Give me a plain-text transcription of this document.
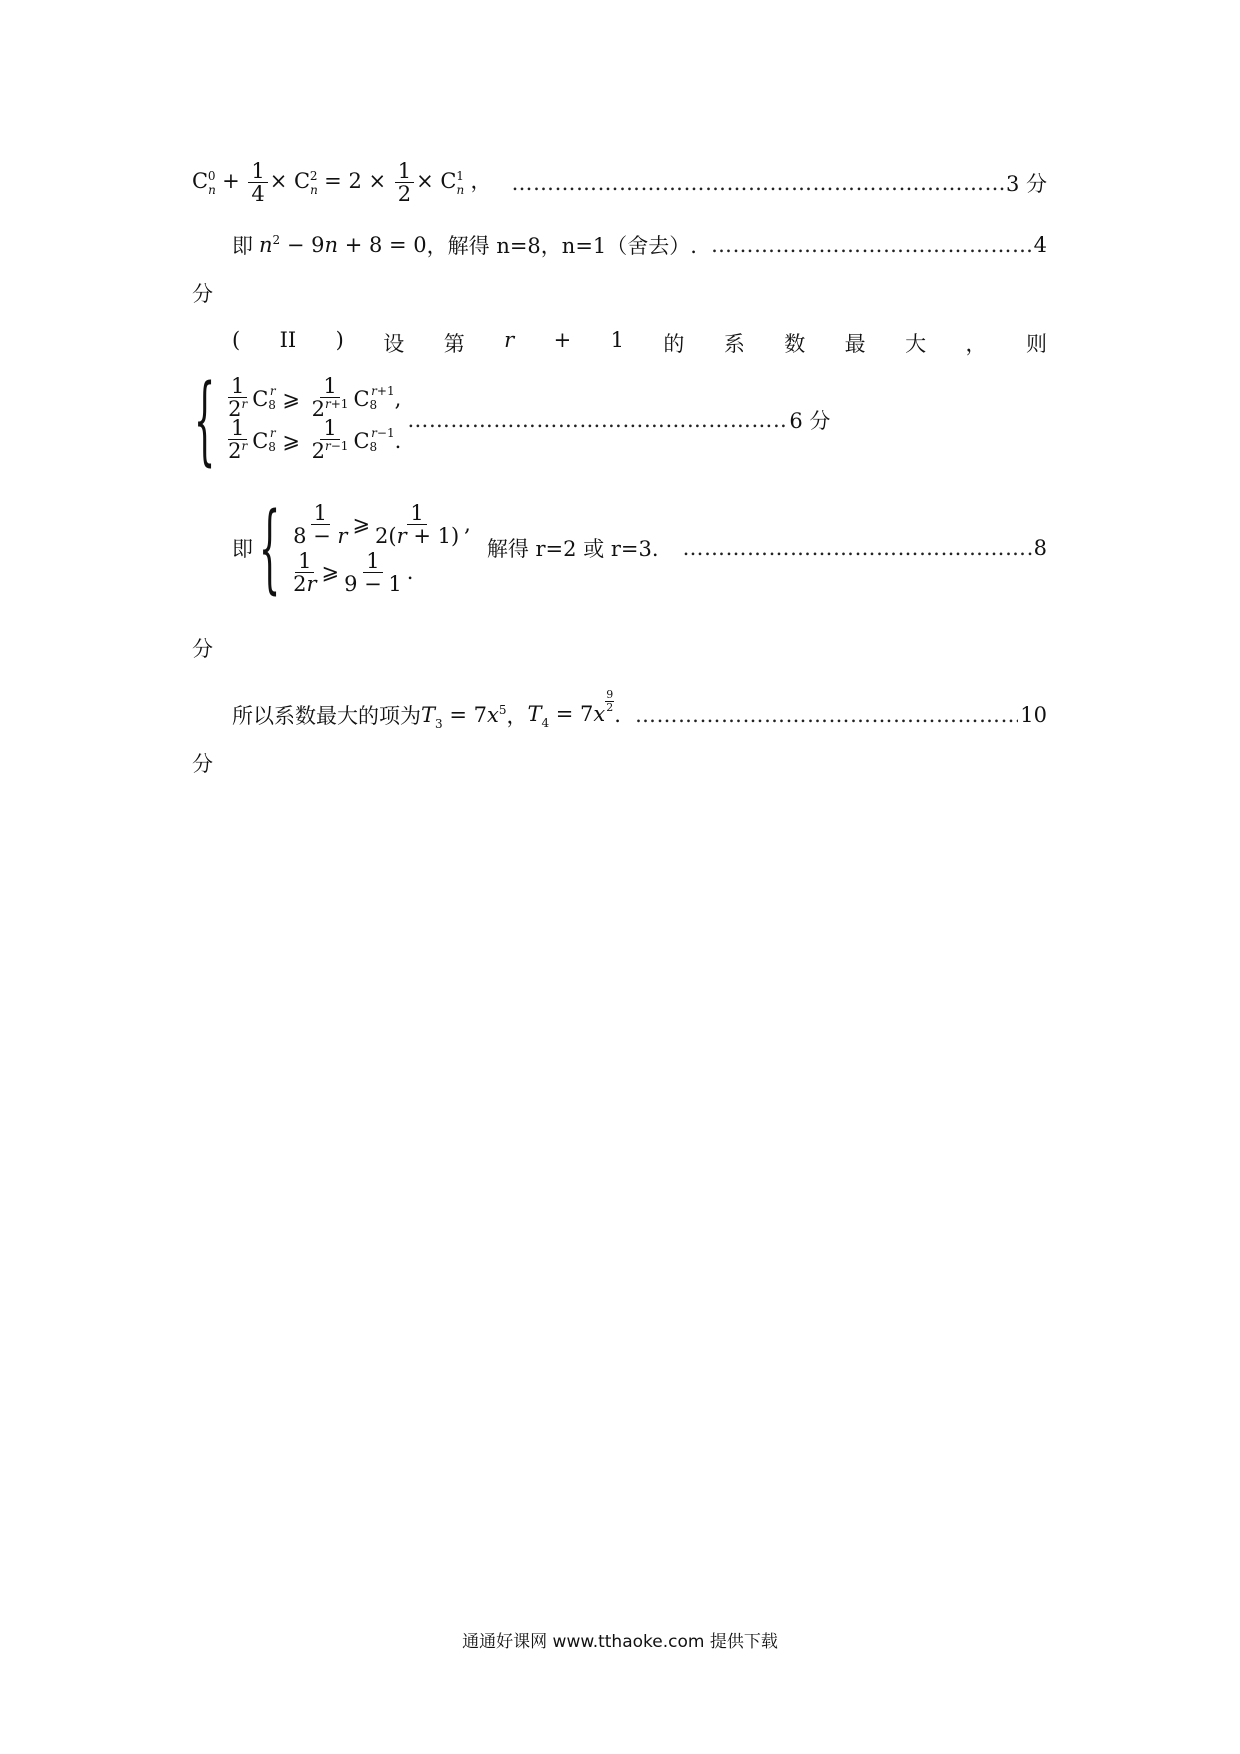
$C_n^0 + \frac{1}{4} \times C_n^2 = 2 \times \frac{1}{2} \times C_n^1$ ， ……………………………………………………………………………………………………………………	3 分
即 $n^2 - 9n + 8 = 0$ ，解得 n=8，n=1（舍去）. ……………………………………………………………………………………………………………………	4
分
( II ) 设 第 r + 1 的 系 数 最 大 ， 则
{ $\frac{1}{2^r}$ C 8
r ⩾ $\frac{1}{2^{r+1}}$ C 8
r+1 ,
$\frac{1}{2^r}$ C 8
r ⩾ $\frac{1}{2^{r-1}}$ C 8
r−1 .
……………………………………………………………………………………………………………………
6 分
即 { $\frac{1}{8 - r}$ ⩾ $\frac{1}{2(r + 1)}$ ,
$\frac{1}{2r}$ ⩾ $\frac{1}{9 - 1}$ .
解得 r=2 或 r=3. ……………………………………………………………………………………………………………………	8
分
所以系数最大的项为 $T_3 = 7x^5$ ， $T_4 = 7x \frac{9}{2}$
. ……………………………………………………………………………………………………………………	10
分
通通好课网 www.tthaoke.com 提供下载
